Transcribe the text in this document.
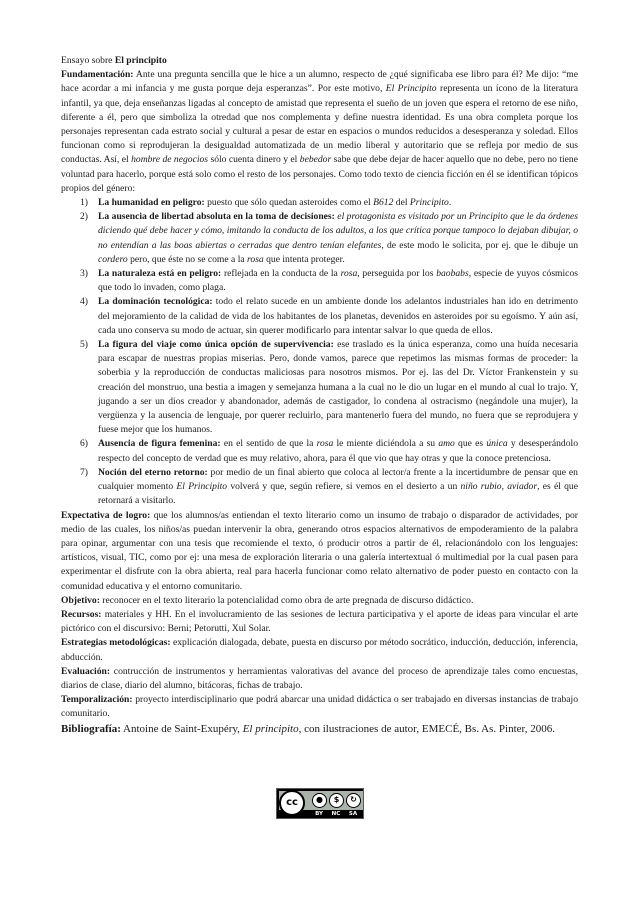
Ensayo sobre El principito

Fundamentación: Ante una pregunta sencilla que le hice a un alumno, respecto de ¿qué significaba ese libro para él? Me dijo: “me hace acordar a mi infancia y me gusta porque deja esperanzas”. Por este motivo, El Principito representa un ícono de la literatura infantil, ya que, deja enseñanzas ligadas al concepto de amistad que representa el sueño de un joven que espera el retorno de ese niño, diferente a él, pero que simboliza la otredad que nos complementa y define nuestra identidad. Es una obra completa porque los personajes representan cada estrato social y cultural a pesar de estar en espacios o mundos reducidos a desesperanza y soledad. Ellos funcionan como si reprodujeran la desigualdad automatizada de un medio liberal y autoritario que se refleja por medio de sus conductas. Así, el hombre de negocios sólo cuenta dinero y el bebedor sabe que debe dejar de hacer aquello que no debe, pero no tiene voluntad para hacerlo, porque está solo como el resto de los personajes. Como todo texto de ciencia ficción en él se identifican tópicos propios del género:

1)	La humanidad en peligro: puesto que sólo quedan asteroides como el B612 del Principito.
2)	La ausencia de libertad absoluta en la toma de decisiones: el protagonista es visitado por un Principito que le da órdenes diciendo qué debe hacer y cómo, imitando la conducta de los adultos, a los que crítica porque tampoco lo dejaban dibujar, o no entendían a las boas abiertas o cerradas que dentro tenían elefantes, de este modo le solicita, por ej. que le dibuje un cordero pero, que éste no se come a la rosa que intenta proteger.
3)	La naturaleza está en peligro: reflejada en la conducta de la rosa, perseguida por los baobabs, especie de yuyos cósmicos que todo lo invaden, como plaga.
4)	La dominación tecnológica: todo el relato sucede en un ambiente donde los adelantos industriales han ido en detrimento del mejoramiento de la calidad de vida de los habitantes de los planetas, devenidos en asteroides por su egoísmo. Y aún así, cada uno conserva su modo de actuar, sin querer modificarlo para intentar salvar lo que queda de ellos.
5)	La figura del viaje como única opción de supervivencia: ese traslado es la única esperanza, como una huída necesaria para escapar de nuestras propias miserias. Pero, donde vamos, parece que repetimos las mismas formas de proceder: la soberbia y la reproducción de conductas maliciosas para nosotros mismos. Por ej. las del Dr. Víctor Frankenstein y su creación del monstruo, una bestia a imagen y semejanza humana a la cual no le dio un lugar en el mundo al cual lo trajo. Y, jugando a ser un dios creador y abandonador, además de castigador, lo condena al ostracismo (negándole una mujer), la vergüenza y la ausencia de lenguaje, por querer recluirlo, para mantenerlo fuera del mundo, no fuera que se reprodujera y fuese mejor que los humanos.
6)	Ausencia de figura femenina: en el sentido de que la rosa le miente diciéndola a su amo que es única y desesperándolo respecto del concepto de verdad que es muy relativo, ahora, para él que vio que hay otras y que la conoce pretenciosa.
7)	Noción del eterno retorno: por medio de un final abierto que coloca al lector/a frente a la incertidumbre de pensar que en cualquier momento El Principito volverá y que, según refiere, si vemos en el desierto a un niño rubio, aviador, es él que retornará a visitarlo.

Expectativa de logro: que los alumnos/as entiendan el texto literario como un insumo de trabajo o disparador de actividades, por medio de las cuales, los niños/as puedan intervenir la obra, generando otros espacios alternativos de empoderamiento de la palabra para opinar, argumentar con una tesis que recomiende el texto, ó producir otros a partir de él, relacionándolo con los lenguajes: artísticos, visual, TIC, como por ej: una mesa de exploración literaria o una galería intertextual ó multimedial por la cual pasen para experimentar el disfrute con la obra abierta, real para hacerla funcionar como relato alternativo de poder puesto en contacto con la comunidad educativa y el entorno comunitario.

Objetivo: reconocer en el texto literario la potencialidad como obra de arte pregnada de discurso didáctico.

Recursos: materiales y HH. En el involucramiento de las sesiones de lectura participativa y el aporte de ideas para vincular el arte pictórico con el discursivo: Berni; Petorutti, Xul Solar.

Estrategias metodológicas: explicación dialogada, debate, puesta en discurso por método socrático, inducción, deducción, inferencia, abducción.

Evaluación: contrucción de instrumentos y herramientas valorativas del avance del proceso de aprendizaje tales como encuestas, diarios de clase, diario del alumno, bitácoras, fichas de trabajo.

Temporalización: proyecto interdisciplinario que podrá abarcar una unidad didáctica o ser trabajado en diversas instancias de trabajo comunitario.

Bibliografía: Antoine de Saint-Exupéry, El principito, con ilustraciones de autor, EMECÉ, Bs. As. Pinter, 2006.

cc	●	$	↻
BY	NC	SA
